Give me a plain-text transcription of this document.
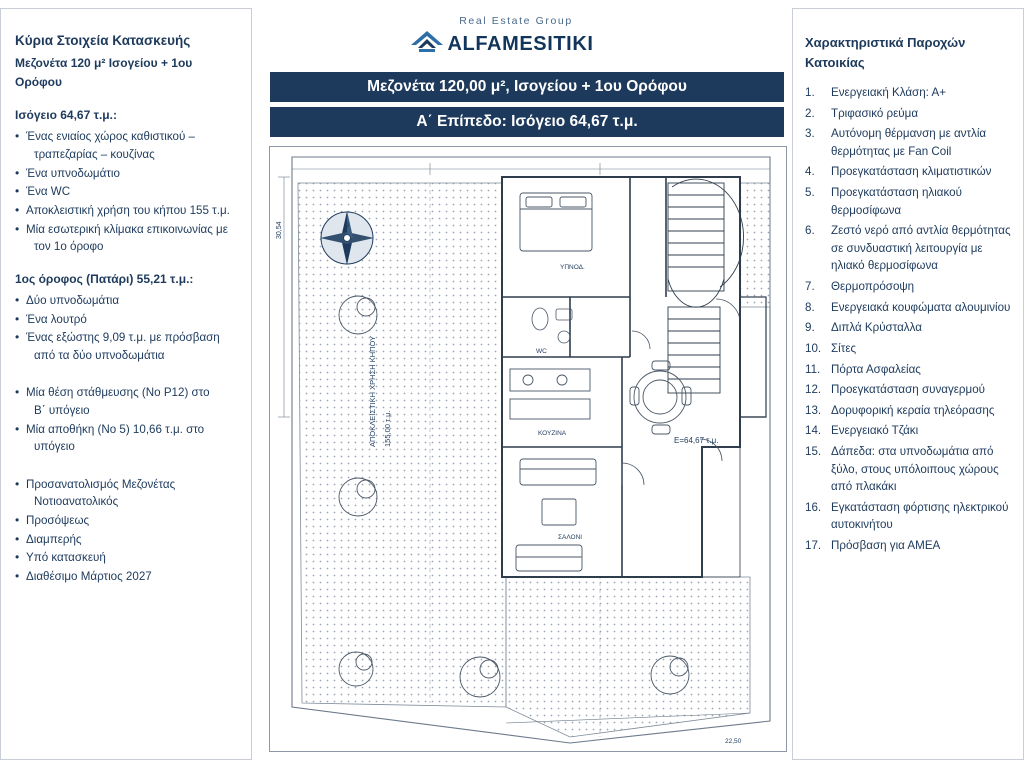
Κύρια Στοιχεία Κατασκευής
Μεζονέτα 120 μ² Ισογείου + 1ου Ορόφου
Ισόγειο 64,67 τ.μ.:
• Ένας ενιαίος χώρος καθιστικού –
τραπεζαρίας – κουζίνας
• Ένα υπνοδωμάτιο
• Ένα WC
• Αποκλειστική χρήση του κήπου 155 τ.μ.
• Μία εσωτερική κλίμακα επικοινωνίας με
τον 1ο όροφο
1ος όροφος (Πατάρι) 55,21 τ.μ.:
• Δύο υπνοδωμάτια
• Ένα λουτρό
• Ένας εξώστης 9,09 τ.μ. με πρόσβαση
από τα δύο υπνοδωμάτια
• Μία θέση στάθμευσης (Νο Ρ12) στο
Β΄ υπόγειο
• Μία αποθήκη (Νο 5) 10,66 τ.μ. στο
υπόγειο
• Προσανατολισμός Μεζονέτας
Νοτιοανατολικός
• Προσόψεως
• Διαμπερής
• Υπό κατασκευή
• Διαθέσιμο Μάρτιος 2027
Real Estate Group
ALFAMESITIKI
Μεζονέτα 120,00 μ², Ισογείου + 1ου Ορόφου
Α΄ Επίπεδο: Ισόγειο 64,67 τ.μ.
30,54
ΑΠΟΚΛΕΙΣΤΙΚΗ ΧΡΗΣΗ ΚΗΠΟΥ 155,00 τ.μ.	Ε=64,67 τ.μ.
ΥΠΝΟΔ.
WC
ΚΟΥΖΙΝΑ
ΣΑΛΟΝΙ
22,50
Ν
Χαρακτηριστικά Παροχών
Κατοικίας
1.	Ενεργειακή Κλάση: Α+
2.	Τριφασικό ρεύμα
3.	Αυτόνομη θέρμανση με αντλία θερμότητας με Fan Coil
4.	Προεγκατάσταση κλιματιστικών
5.	Προεγκατάσταση ηλιακού θερμοσίφωνα
6.	Ζεστό νερό από αντλία θερμότητας σε συνδυαστική λειτουργία με ηλιακό θερμοσίφωνα
7.	Θερμοπρόσοψη
8.	Ενεργειακά κουφώματα αλουμινίου
9.	Διπλά Κρύσταλλα
10. Σίτες
11. Πόρτα Ασφαλείας
12. Προεγκατάσταση συναγερμού
13. Δορυφορική κεραία τηλεόρασης
14. Ενεργειακό Τζάκι
15. Δάπεδα: στα υπνοδωμάτια από ξύλο, στους υπόλοιπους χώρους από πλακάκι
16. Εγκατάσταση φόρτισης ηλεκτρικού αυτοκινήτου
17. Πρόσβαση για ΑΜΕΑ
